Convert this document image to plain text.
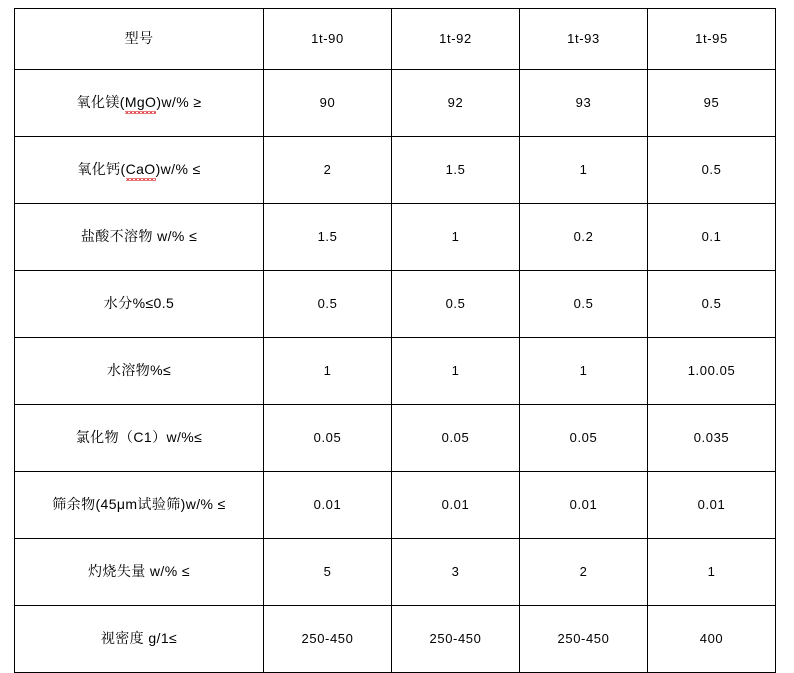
型号	1t-90	1t-92	1t-93	1t-95
氧化镁(MgO)w/% ≥	90	92	93	95
氧化钙(CaO)w/% ≤	2	1.5	1	0.5
盐酸不溶物 w/% ≤	1.5	1	0.2	0.1
水分%≤0.5	0.5	0.5	0.5	0.5
水溶物%≤	1	1	1	1.00.05
氯化物（C1）w/%≤	0.05	0.05	0.05	0.035
筛余物(45μm试验筛)w/% ≤	0.01	0.01	0.01	0.01
灼烧失量 w/% ≤	5	3	2	1
视密度 g/1≤	250-450	250-450	250-450	400
